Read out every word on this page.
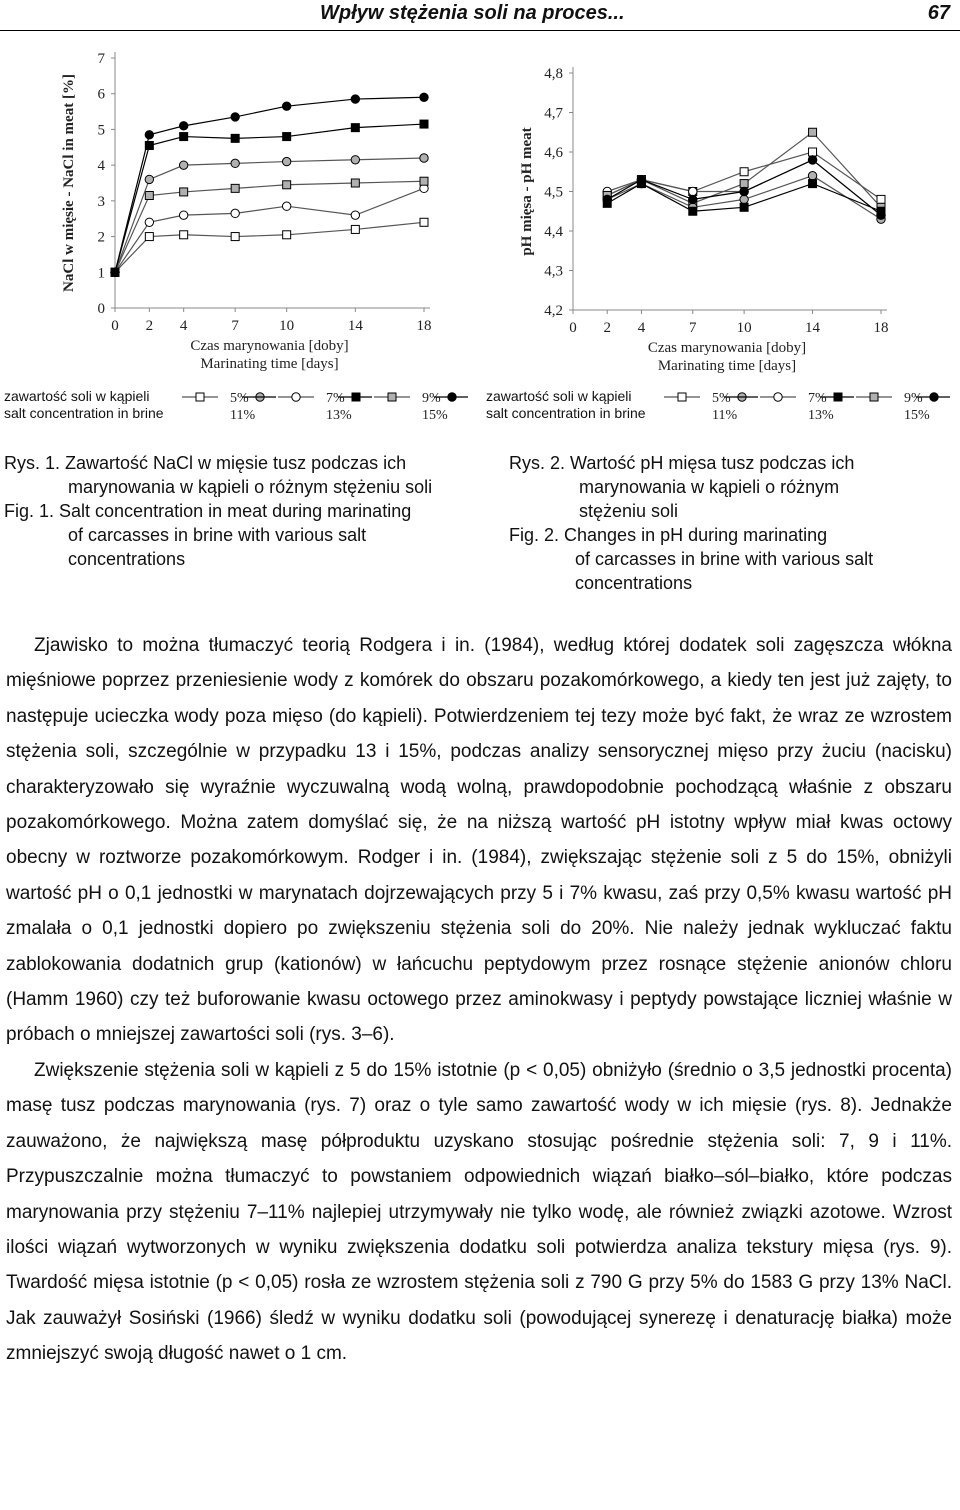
Wpływ stężenia soli na proces...	67
0
1
2
3
4
5
6
7
0 2 4	7	10	14	18
Czas marynowania [doby]
Marinating time [days]
NaCl w mięsie - NaCl in meat [%]
4,2
4,3
4,4
4,5
4,6
4,7
4,8
0 2 4	7	10	14	18
Czas marynowania [doby]
Marinating time [days]
pH mięsa - pH meat
zawartość soli w kąpieli
salt concentration in brine
5%	7%	9%
11%	13%	15%
zawartość soli w kąpieli
salt concentration in brine
5%	7%	9%
11%	13%	15%
Rys. 1. Zawartość NaCl w mięsie tusz podczas ich
marynowania w kąpieli o różnym stężeniu soli
Fig. 1. Salt concentration in meat during marinating
of carcasses in brine with various salt
concentrations
Rys. 2. Wartość pH mięsa tusz podczas ich
marynowania w kąpieli o różnym
stężeniu soli
Fig. 2. Changes in pH during marinating
of carcasses in brine with various salt
concentrations

Zjawisko to można tłumaczyć teorią Rodgera i in. (1984), według której dodatek soli zagęszcza włókna mięśniowe poprzez przeniesienie wody z komórek do obszaru pozakomórkowego, a kiedy ten jest już zajęty, to następuje ucieczka wody poza mięso (do kąpieli). Potwierdzeniem tej tezy może być fakt, że wraz ze wzrostem stężenia soli, szczególnie w przypadku 13 i 15%, podczas analizy sensorycznej mięso przy żuciu (nacisku) charakteryzowało się wyraźnie wyczuwalną wodą wolną, prawdopodobnie pochodzącą właśnie z obszaru pozakomórkowego. Można zatem domyślać się, że na niższą wartość pH istotny wpływ miał kwas octowy obecny w roztworze pozakomórkowym. Rodger i in. (1984), zwiększając stężenie soli z 5 do 15%, obniżyli wartość pH o 0,1 jednostki w marynatach dojrzewających przy 5 i 7% kwasu, zaś przy 0,5% kwasu wartość pH zmalała o 0,1 jednostki dopiero po zwiększeniu stężenia soli do 20%. Nie należy jednak wykluczać faktu zablokowania dodatnich grup (kationów) w łańcuchu peptydowym przez rosnące stężenie anionów chloru (Hamm 1960) czy też buforowanie kwasu octowego przez aminokwasy i peptydy powstające liczniej właśnie w próbach o mniejszej zawartości soli (rys. 3–6).

Zwiększenie stężenia soli w kąpieli z 5 do 15% istotnie (p < 0,05) obniżyło (średnio o 3,5 jednostki procenta) masę tusz podczas marynowania (rys. 7) oraz o tyle samo zawartość wody w ich mięsie (rys. 8). Jednakże zauważono, że największą masę półproduktu uzyskano stosując pośrednie stężenia soli: 7, 9 i 11%. Przypuszczalnie można tłumaczyć to powstaniem odpowiednich wiązań białko–sól–białko, które podczas marynowania przy stężeniu 7–11% najlepiej utrzymywały nie tylko wodę, ale również związki azotowe. Wzrost ilości wiązań wytworzonych w wyniku zwiększenia dodatku soli potwierdza analiza tekstury mięsa (rys. 9). Twardość mięsa istotnie (p < 0,05) rosła ze wzrostem stężenia soli z 790 G przy 5% do 1583 G przy 13% NaCl. Jak zauważył Sosiński (1966) śledź w wyniku dodatku soli (powodującej synerezę i denaturację białka) może zmniejszyć swoją długość nawet o 1 cm.
